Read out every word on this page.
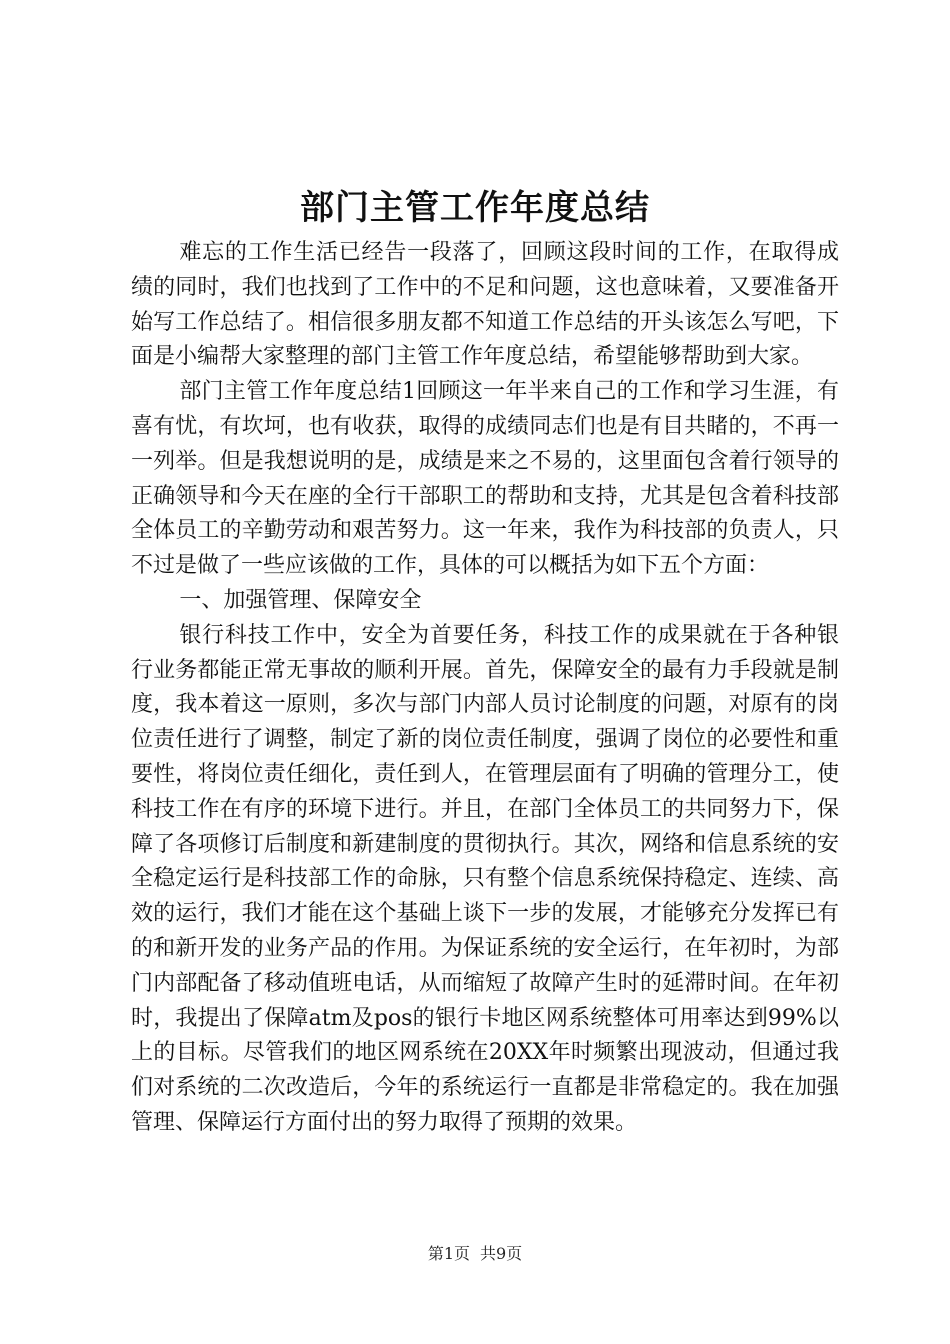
部门主管工作年度总结

难忘的工作生活已经告一段落了，回顾这段时间的工作，在取得成绩的同时，我们也找到了工作中的不足和问题，这也意味着，又要准备开始写工作总结了。相信很多朋友都不知道工作总结的开头该怎么写吧，下面是小编帮大家整理的部门主管工作年度总结，希望能够帮助到大家。

部门主管工作年度总结1回顾这一年半来自己的工作和学习生涯，有喜有忧，有坎坷，也有收获，取得的成绩同志们也是有目共睹的，不再一一列举。但是我想说明的是，成绩是来之不易的，这里面包含着行领导的正确领导和今天在座的全行干部职工的帮助和支持，尤其是包含着科技部全体员工的辛勤劳动和艰苦努力。这一年来，我作为科技部的负责人，只不过是做了一些应该做的工作，具体的可以概括为如下五个方面：

一、加强管理、保障安全

银行科技工作中，安全为首要任务，科技工作的成果就在于各种银行业务都能正常无事故的顺利开展。首先，保障安全的最有力手段就是制度，我本着这一原则，多次与部门内部人员讨论制度的问题，对原有的岗位责任进行了调整，制定了新的岗位责任制度，强调了岗位的必要性和重要性，将岗位责任细化，责任到人，在管理层面有了明确的管理分工，使科技工作在有序的环境下进行。并且，在部门全体员工的共同努力下，保障了各项修订后制度和新建制度的贯彻执行。其次，网络和信息系统的安全稳定运行是科技部工作的命脉，只有整个信息系统保持稳定、连续、高效的运行，我们才能在这个基础上谈下一步的发展，才能够充分发挥已有的和新开发的业务产品的作用。为保证系统的安全运行，在年初时，为部门内部配备了移动值班电话，从而缩短了故障产生时的延滞时间。在年初时，我提出了保障atm及pos的银行卡地区网系统整体可用率达到99%以上的目标。尽管我们的地区网系统在20XX年时频繁出现波动，但通过我们对系统的二次改造后，今年的系统运行一直都是非常稳定的。我在加强管理、保障运行方面付出的努力取得了预期的效果。

第1页 共9页
